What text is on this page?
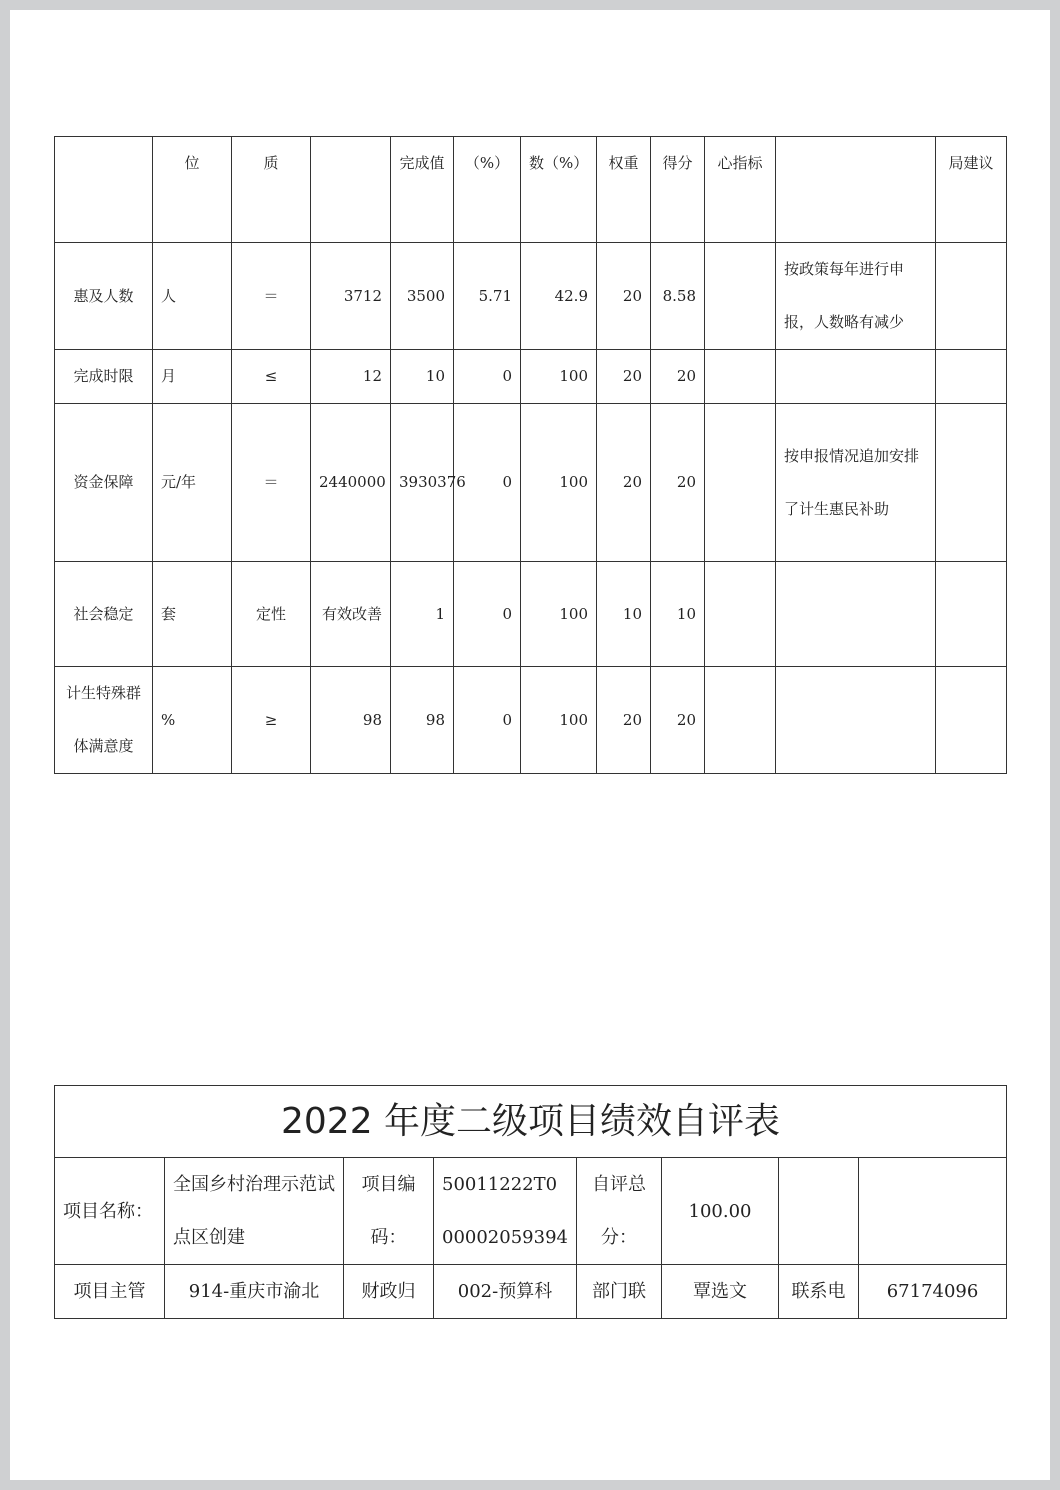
	位	质		完成值	（%）	数（%）	权重	得分	心指标		局建议
惠及人数	人	＝	3712	3500	5.71	42.9	20	8.58		按政策每年进行申报，人数略有减少	
完成时限	月	≤	12	10	0	100	20	20			
资金保障	元/年	＝	2440000	3930376	0	100	20	20		按申报情况追加安排了计生惠民补助	
社会稳定	套	定性	有效改善	1	0	100	10	10			
计生特殊群体满意度	%	≥	98	98	0	100	20	20			
2022 年度二级项目绩效自评表							
项目名称：	全国乡村治理示范试点区创建	项目编码：	50011222T000002059394	自评总分：	100.00		
项目主管	914-重庆市渝北	财政归	002-预算科	部门联	覃选文	联系电	67174096
